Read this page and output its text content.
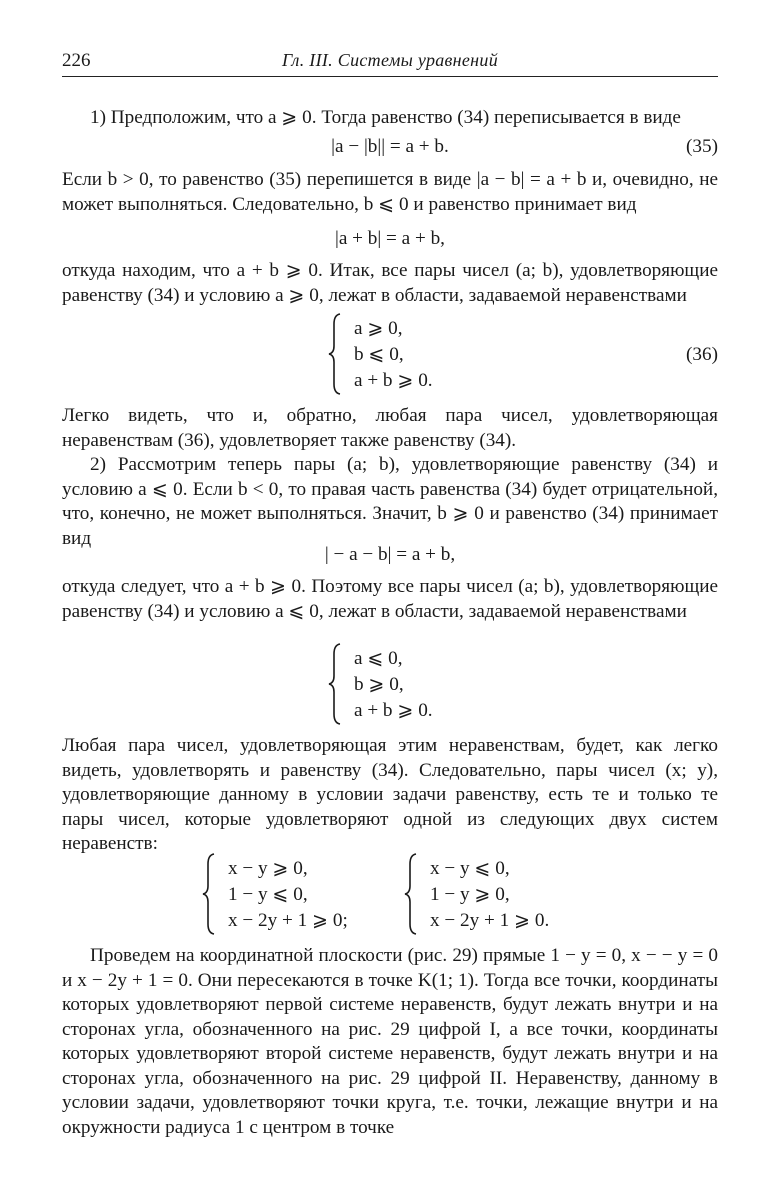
226	Гл. III. Системы уравнений
1) Предположим, что a ⩾ 0. Тогда равенство (34) переписывается в виде
|a − |b|| = a + b.	(35)
Если b > 0, то равенство (35) перепишется в виде |a − b| = a + b и, очевидно, не может выполняться. Следовательно, b ⩽ 0 и равенство принимает вид
|a + b| = a + b,
откуда находим, что a + b ⩾ 0. Итак, все пары чисел (a; b), удовлетворяющие равенству (34) и условию a ⩾ 0, лежат в области, задаваемой неравенствами
a ⩾ 0,
b ⩽ 0,
a + b ⩾ 0.
(36)
Легко видеть, что и, обратно, любая пара чисел, удовлетворяющая неравенствам (36), удовлетворяет также равенству (34).
2) Рассмотрим теперь пары (a; b), удовлетворяющие равенству (34) и условию a ⩽ 0. Если b < 0, то правая часть равенства (34) будет отрицательной, что, конечно, не может выполняться. Значит, b ⩾ 0 и равенство (34) принимает вид
| − a − b| = a + b,
откуда следует, что a + b ⩾ 0. Поэтому все пары чисел (a; b), удовлетворяющие равенству (34) и условию a ⩽ 0, лежат в области, задаваемой неравенствами
a ⩽ 0,
b ⩾ 0,
a + b ⩾ 0.
Любая пара чисел, удовлетворяющая этим неравенствам, будет, как легко видеть, удовлетворять и равенству (34). Следовательно, пары чисел (x; y), удовлетворяющие данному в условии задачи равенству, есть те и только те пары чисел, которые удовлетворяют одной из следующих двух систем неравенств:
x − y ⩾ 0,
1 − y ⩽ 0,
x − 2y + 1 ⩾ 0;
x − y ⩽ 0,
1 − y ⩾ 0,
x − 2y + 1 ⩾ 0.
Проведем на координатной плоскости (рис. 29) прямые 1 − y = 0, x − − y = 0 и x − 2y + 1 = 0. Они пересекаются в точке K(1; 1). Тогда все точки, координаты которых удовлетворяют первой системе неравенств, будут лежать внутри и на сторонах угла, обозначенного на рис. 29 цифрой I, а все точки, координаты которых удовлетворяют второй системе неравенств, будут лежать внутри и на сторонах угла, обозначенного на рис. 29 цифрой II. Неравенству, данному в условии задачи, удовлетворяют точки круга, т.е. точки, лежащие внутри и на окружности радиуса 1 с центром в точке
